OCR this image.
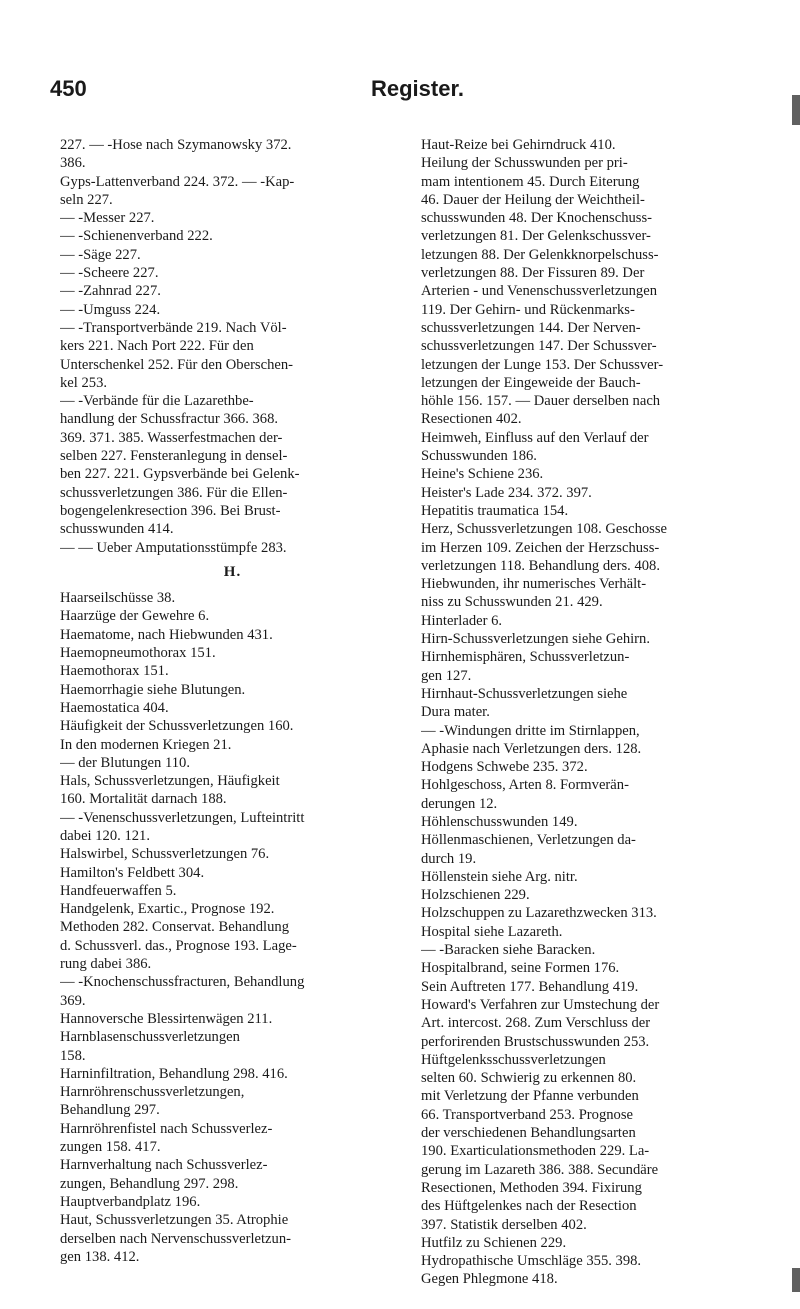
450	Register.
227. — -Hose nach Szymanowsky 372.
386.
Gyps-Lattenverband 224. 372. — -Kap-
seln 227.
— -Messer 227.
— -Schienenverband 222.
— -Säge 227.
— -Scheere 227.
— -Zahnrad 227.
— -Umguss 224.
— -Transportverbände 219. Nach Völ-
kers 221. Nach Port 222. Für den
Unterschenkel 252. Für den Oberschen-
kel 253.
— -Verbände für die Lazarethbe-
handlung der Schussfractur 366. 368.
369. 371. 385. Wasserfestmachen der-
selben 227. Fensteranlegung in densel-
ben 227. 221. Gypsverbände bei Gelenk-
schussverletzungen 386. Für die Ellen-
bogengelenkresection 396. Bei Brust-
schusswunden 414.
— — Ueber Amputationsstümpfe 283.
H.
Haarseilschüsse 38.
Haarzüge der Gewehre 6.
Haematome, nach Hiebwunden 431.
Haemopneumothorax 151.
Haemothorax 151.
Haemorrhagie siehe Blutungen.
Haemostatica 404.
Häufigkeit der Schussverletzungen 160.
In den modernen Kriegen 21.
— der Blutungen 110.
Hals, Schussverletzungen, Häufigkeit
160. Mortalität darnach 188.
— -Venenschussverletzungen, Lufteintritt
dabei 120. 121.
Halswirbel, Schussverletzungen 76.
Hamilton's Feldbett 304.
Handfeuerwaffen 5.
Handgelenk, Exartic., Prognose 192.
Methoden 282. Conservat. Behandlung
d. Schussverl. das., Prognose 193. Lage-
rung dabei 386.
— -Knochenschussfracturen, Behandlung
369.
Hannoversche Blessirtenwägen 211.
Harnblasenschussverletzungen
158.
Harninfiltration, Behandlung 298. 416.
Harnröhrenschussverletzungen,
Behandlung 297.
Harnröhrenfistel nach Schussverlez-
zungen 158. 417.
Harnverhaltung nach Schussverlez-
zungen, Behandlung 297. 298.
Hauptverbandplatz 196.
Haut, Schussverletzungen 35. Atrophie
derselben nach Nervenschussverletzun-
gen 138. 412.
Haut-Reize bei Gehirndruck 410.
Heilung der Schusswunden per pri-
mam intentionem 45. Durch Eiterung
46. Dauer der Heilung der Weichtheil-
schusswunden 48. Der Knochenschuss-
verletzungen 81. Der Gelenkschussver-
letzungen 88. Der Gelenkknorpelschuss-
verletzungen 88. Der Fissuren 89. Der
Arterien - und Venenschussverletzungen
119. Der Gehirn- und Rückenmarks-
schussverletzungen 144. Der Nerven-
schussverletzungen 147. Der Schussver-
letzungen der Lunge 153. Der Schussver-
letzungen der Eingeweide der Bauch-
höhle 156. 157. — Dauer derselben nach
Resectionen 402.
Heimweh, Einfluss auf den Verlauf der
Schusswunden 186.
Heine's Schiene 236.
Heister's Lade 234. 372. 397.
Hepatitis traumatica 154.
Herz, Schussverletzungen 108. Geschosse
im Herzen 109. Zeichen der Herzschuss-
verletzungen 118. Behandlung ders. 408.
Hiebwunden, ihr numerisches Verhält-
niss zu Schusswunden 21. 429.
Hinterlader 6.
Hirn-Schussverletzungen siehe Gehirn.
Hirnhemisphären, Schussverletzun-
gen 127.
Hirnhaut-Schussverletzungen siehe
Dura mater.
— -Windungen dritte im Stirnlappen,
Aphasie nach Verletzungen ders. 128.
Hodgens Schwebe 235. 372.
Hohlgeschoss, Arten 8. Formverän-
derungen 12.
Höhlenschusswunden 149.
Höllenmaschienen, Verletzungen da-
durch 19.
Höllenstein siehe Arg. nitr.
Holzschienen 229.
Holzschuppen zu Lazarethzwecken 313.
Hospital siehe Lazareth.
— -Baracken siehe Baracken.
Hospitalbrand, seine Formen 176.
Sein Auftreten 177. Behandlung 419.
Howard's Verfahren zur Umstechung der
Art. intercost. 268. Zum Verschluss der
perforirenden Brustschusswunden 253.
Hüftgelenksschussverletzungen
selten 60. Schwierig zu erkennen 80.
mit Verletzung der Pfanne verbunden
66. Transportverband 253. Prognose
der verschiedenen Behandlungsarten
190. Exarticulationsmethoden 229. La-
gerung im Lazareth 386. 388. Secundäre
Resectionen, Methoden 394. Fixirung
des Hüftgelenkes nach der Resection
397. Statistik derselben 402.
Hutfilz zu Schienen 229.
Hydropathische Umschläge 355. 398.
Gegen Phlegmone 418.
